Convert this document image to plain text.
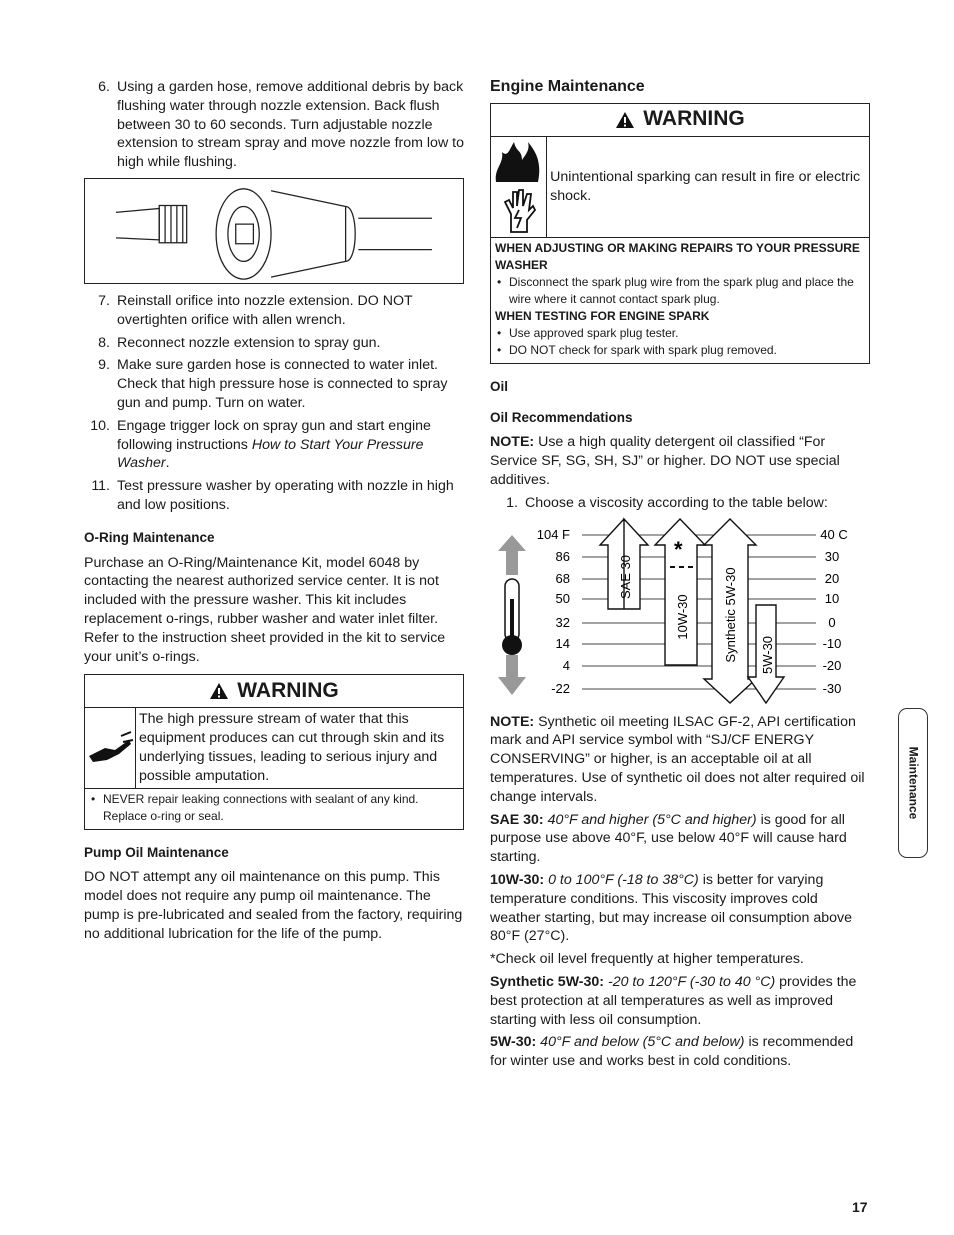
6. Using a garden hose, remove additional debris by back flushing water through nozzle extension. Back flush between 30 to 60 seconds. Turn adjustable nozzle extension to stream spray and move nozzle from low to high while flushing.
7. Reinstall orifice into nozzle extension. DO NOT overtighten orifice with allen wrench.
8. Reconnect nozzle extension to spray gun.
9. Make sure garden hose is connected to water inlet. Check that high pressure hose is connected to spray gun and pump. Turn on water.
10. Engage trigger lock on spray gun and start engine following instructions How to Start Your Pressure Washer.
11. Test pressure washer by operating with nozzle in high and low positions.
O-Ring Maintenance

Purchase an O-Ring/Maintenance Kit, model 6048 by contacting the nearest authorized service center. It is not included with the pressure washer. This kit includes replacement o-rings, rubber washer and water inlet filter. Refer to the instruction sheet provided in the kit to service your unit’s o-rings.

WARNING
The high pressure stream of water that this equipment produces can cut through skin and its underlying tissues, leading to serious injury and possible amputation.
• NEVER repair leaking connections with sealant of any kind. Replace o-ring or seal.
Pump Oil Maintenance

DO NOT attempt any oil maintenance on this pump. This model does not require any pump oil maintenance. The pump is pre-lubricated and sealed from the factory, requiring no additional lubrication for the life of the pump.

Engine Maintenance
WARNING
Unintentional sparking can result in fire or electric shock.
WHEN ADJUSTING OR MAKING REPAIRS TO YOUR PRESSURE WASHER
• Disconnect the spark plug wire from the spark plug and place the wire where it cannot contact spark plug.
WHEN TESTING FOR ENGINE SPARK
• Use approved spark plug tester.
• DO NOT check for spark with spark plug removed.
Oil
Oil Recommendations

NOTE: Use a high quality detergent oil classified “For Service SF, SG, SH, SJ” or higher. DO NOT use special additives.

1. Choose a viscosity according to the table below:
104 F
86
68
50
32
14
4
-22
40 C
30
20
10
0
-10
-20
-30
*
SAE 30
10W-30	Synthetic 5W-30 5W-30

NOTE: Synthetic oil meeting ILSAC GF-2, API certification mark and API service symbol with “SJ/CF ENERGY CONSERVING” or higher, is an acceptable oil at all temperatures. Use of synthetic oil does not alter required oil change intervals.

SAE 30: 40°F and higher (5°C and higher) is good for all purpose use above 40°F, use below 40°F will cause hard starting.

10W-30: 0 to 100°F (-18 to 38°C) is better for varying temperature conditions. This viscosity improves cold weather starting, but may increase oil consumption above 80°F (27°C).

*Check oil level frequently at higher temperatures.

Synthetic 5W-30: -20 to 120°F (-30 to 40 °C) provides the best protection at all temperatures as well as improved starting with less oil consumption.

5W-30: 40°F and below (5°C and below) is recommended for winter use and works best in cold conditions.

Maintenance
17
